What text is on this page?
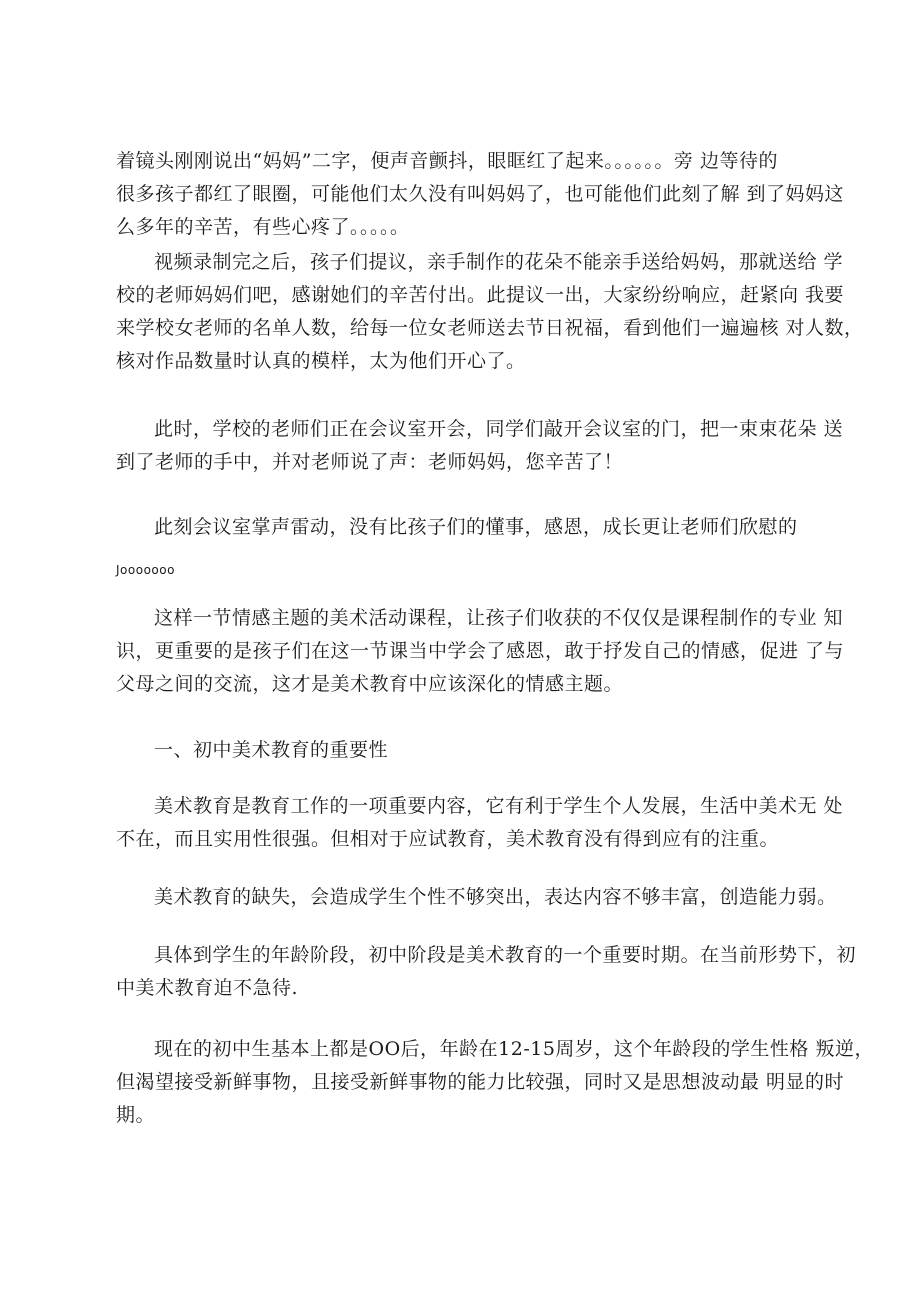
着镜头刚刚说出“妈妈”二字，便声音颤抖，眼眶红了起来。。。。。。旁 边等待的
很多孩子都红了眼圈，可能他们太久没有叫妈妈了，也可能他们此刻了解 到了妈妈这
么多年的辛苦，有些心疼了。。。。。
视频录制完之后，孩子们提议，亲手制作的花朵不能亲手送给妈妈，那就送给 学
校的老师妈妈们吧，感谢她们的辛苦付出。此提议一出，大家纷纷响应，赶紧向 我要
来学校女老师的名单人数，给每一位女老师送去节日祝福，看到他们一遍遍核 对人数，
核对作品数量时认真的模样，太为他们开心了。
此时，学校的老师们正在会议室开会，同学们敲开会议室的门，把一束束花朵 送
到了老师的手中，并对老师说了声：老师妈妈，您辛苦了！
此刻会议室掌声雷动，没有比孩子们的懂事，感恩，成长更让老师们欣慰的
Jooooooo
这样一节情感主题的美术活动课程，让孩子们收获的不仅仅是课程制作的专业 知
识，更重要的是孩子们在这一节课当中学会了感恩，敢于抒发自己的情感，促进 了与
父母之间的交流，这才是美术教育中应该深化的情感主题。
一、初中美术教育的重要性
美术教育是教育工作的一项重要内容，它有利于学生个人发展，生活中美术无 处
不在，而且实用性很强。但相对于应试教育，美术教育没有得到应有的注重。
美术教育的缺失，会造成学生个性不够突出，表达内容不够丰富，创造能力弱。
具体到学生的年龄阶段，初中阶段是美术教育的一个重要时期。在当前形势下，初
中美术教育迫不急待.
现在的初中生基本上都是OO后，年龄在12-15周岁，这个年龄段的学生性格 叛逆，
但渴望接受新鲜事物，且接受新鲜事物的能力比较强，同时又是思想波动最 明显的时
期。
